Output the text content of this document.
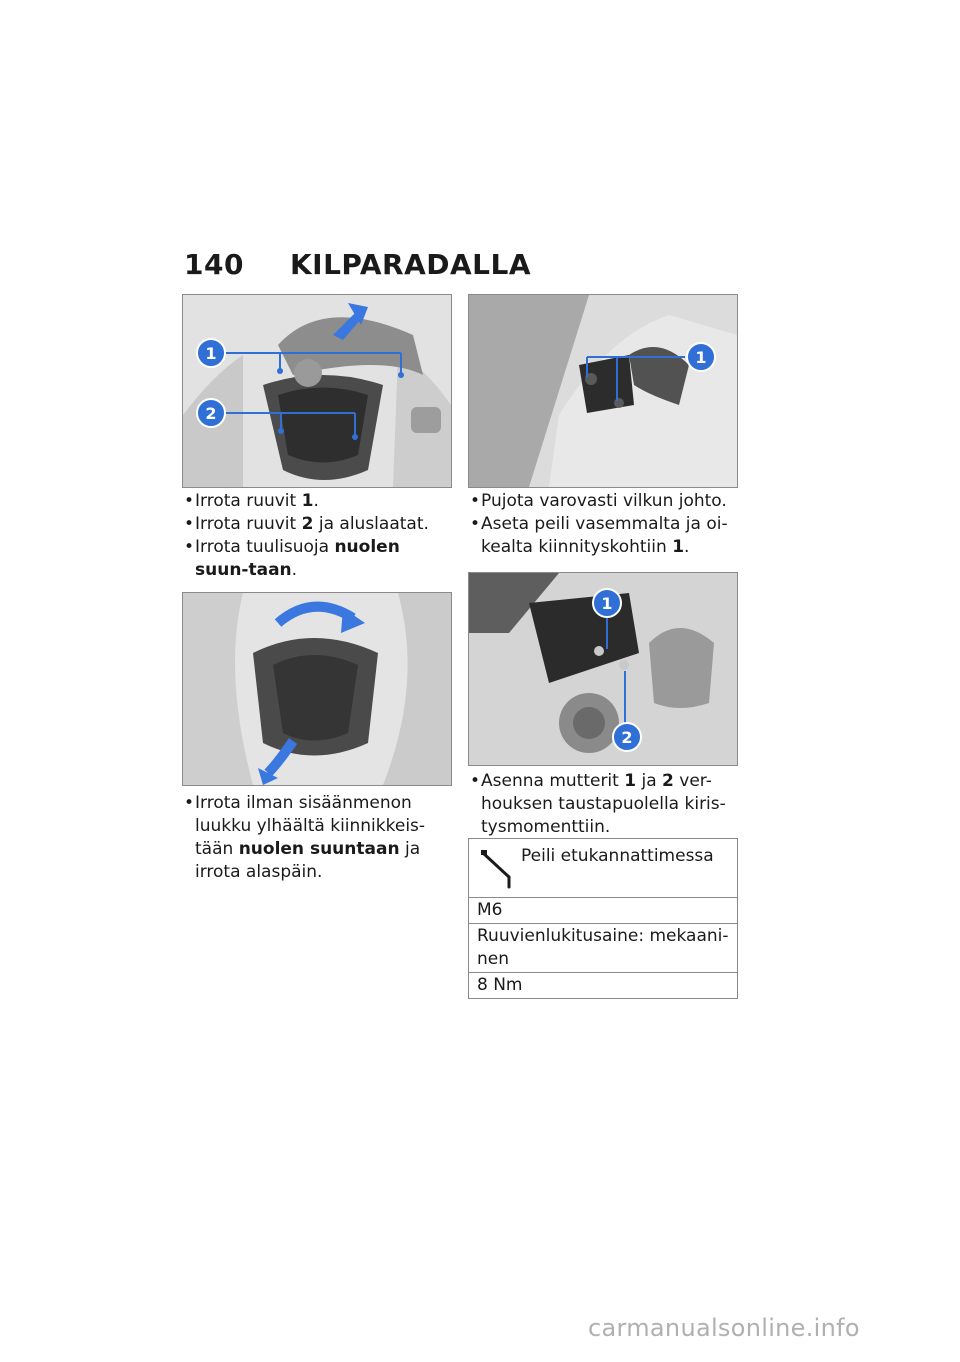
140 KILPARADALLA
1
2
• Irrota ruuvit 1.
• Irrota ruuvit 2 ja aluslaatat.
• Irrota tuulisuoja nuolen suun-taan.
• Irrota ilman sisäänmenon luukku ylhäältä kiinnikkeis-tään nuolen suuntaan ja irrota alaspäin.
1
• Pujota varovasti vilkun johto.
• Aseta peili vasemmalta ja oi-kealta kiinnityskohtiin 1.
1
2
• Asenna mutterit 1 ja 2 ver-houksen taustapuolella kiris-tysmomenttiin.
Peili etukannattimessa
M6
Ruuvienlukitusaine: mekaani-nen
8 Nm
carmanualsonline.info
